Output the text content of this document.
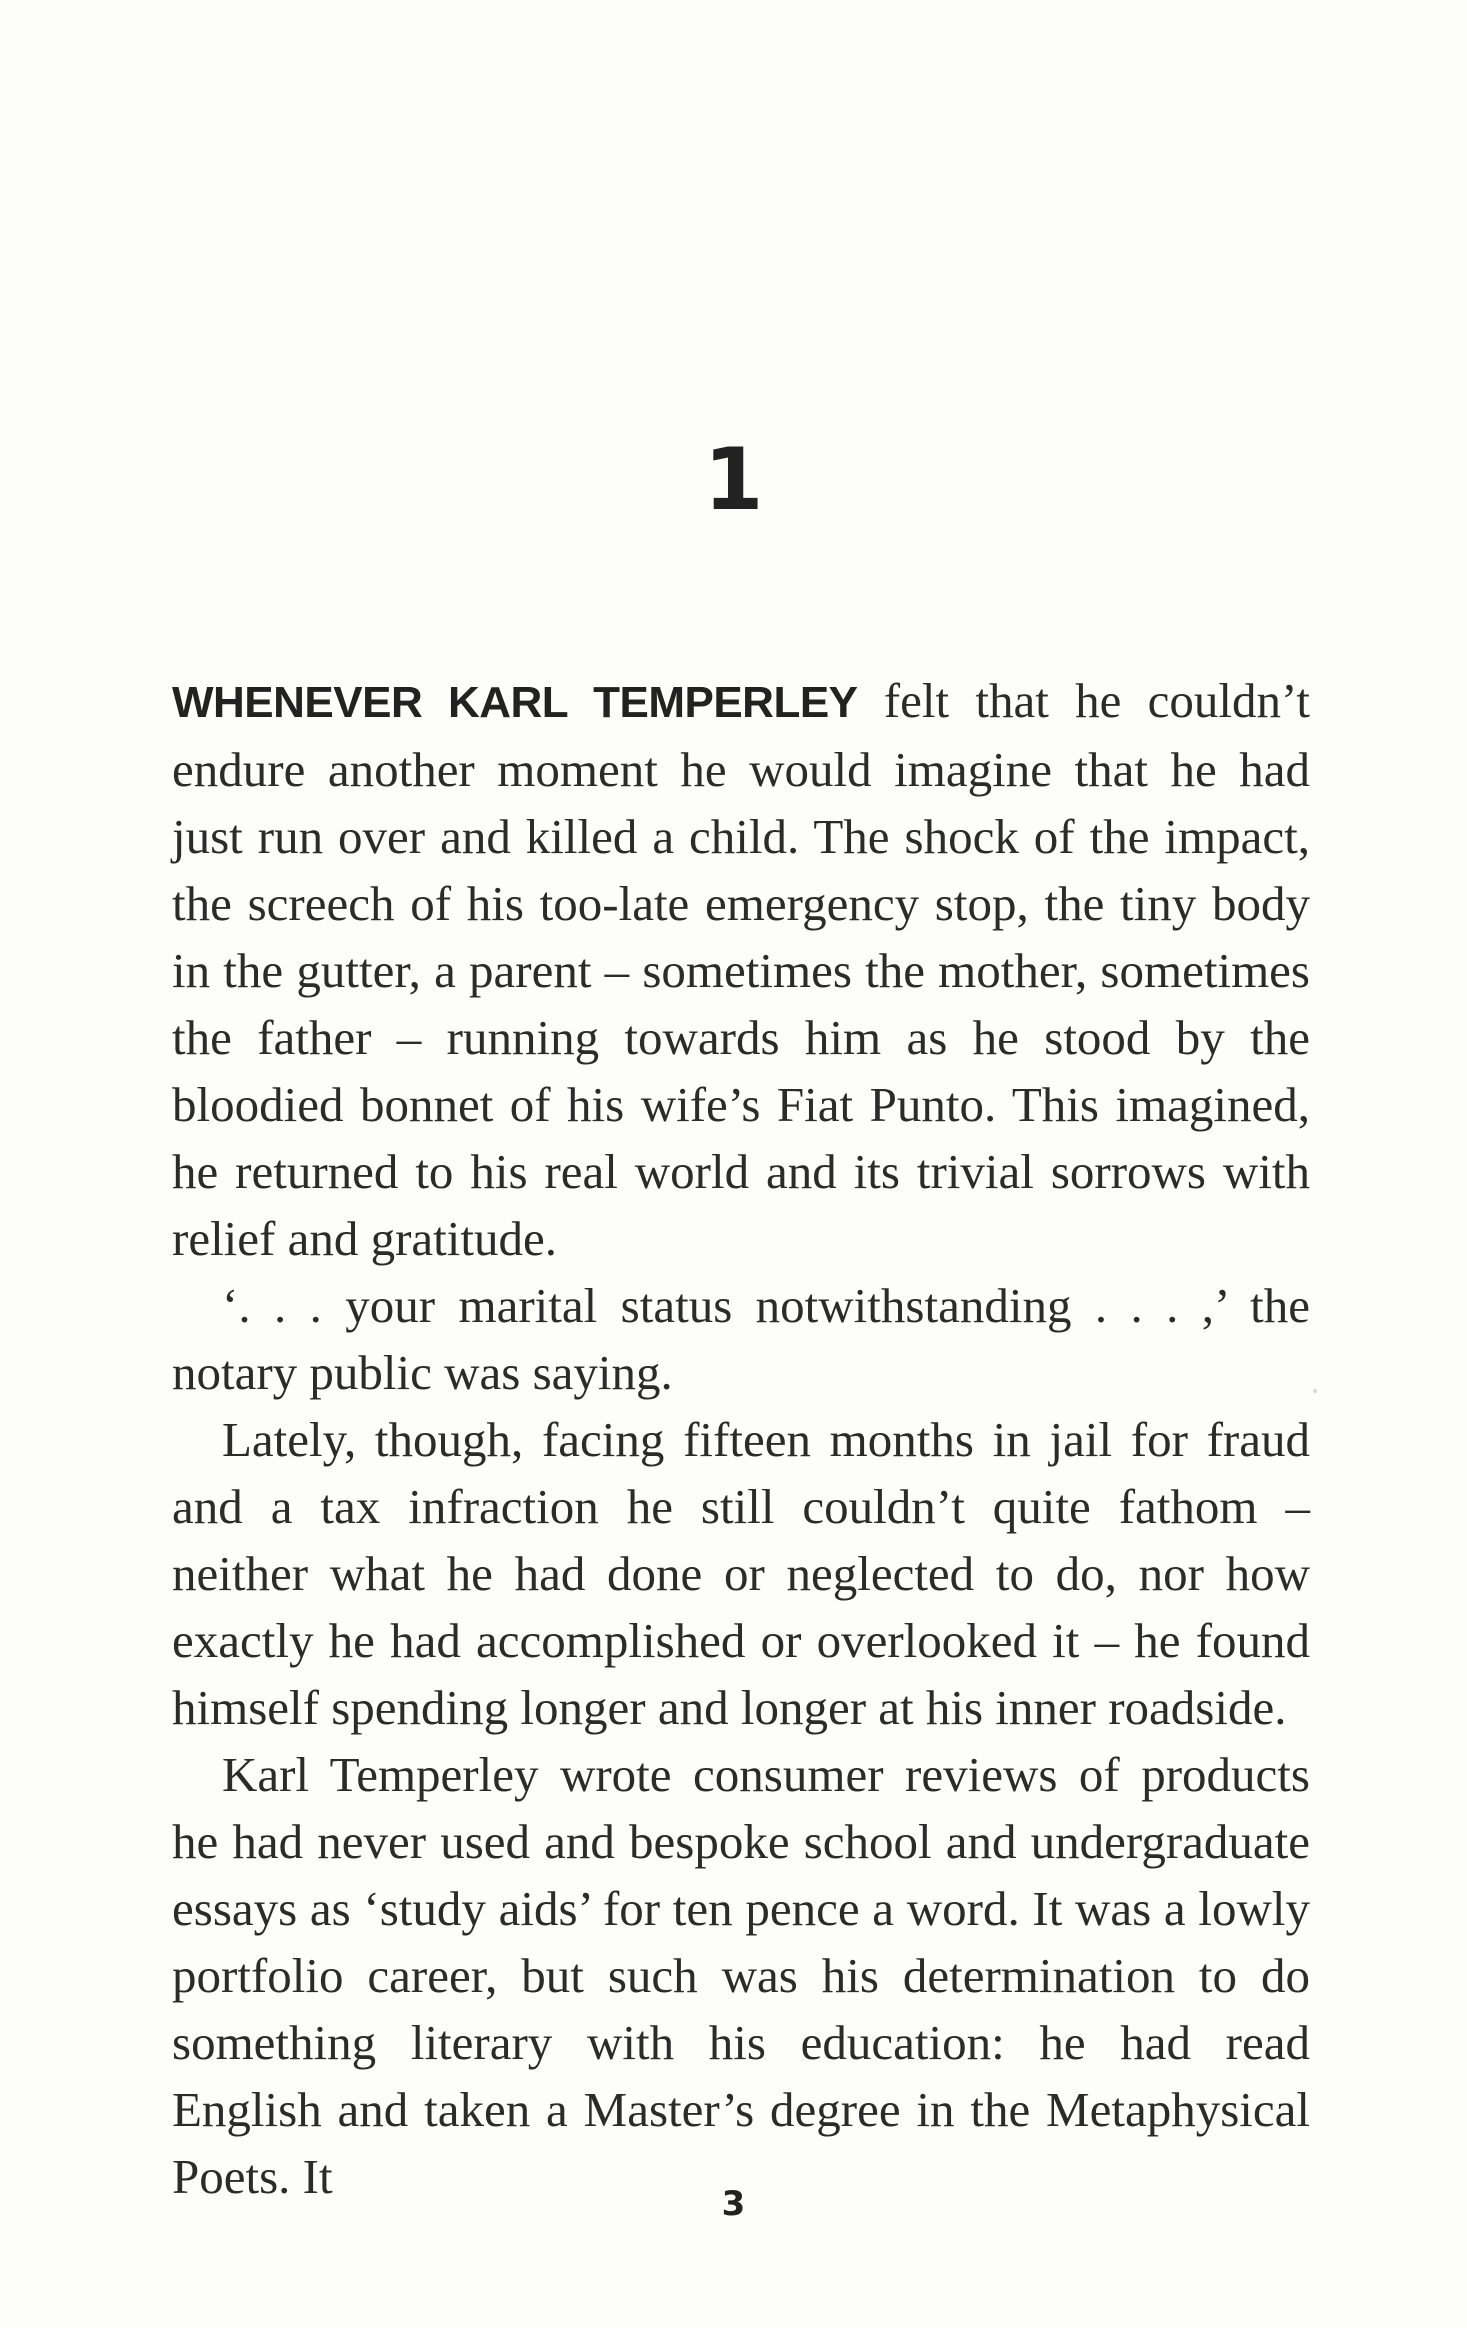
1

WHENEVER KARL TEMPERLEY felt that he couldn’t endure another moment he would imagine that he had just run over and killed a child. The shock of the impact, the screech of his too-late emergency stop, the tiny body in the gutter, a parent – sometimes the mother, sometimes the father – running towards him as he stood by the bloodied bonnet of his wife’s Fiat Punto. This imagined, he returned to his real world and its trivial sorrows with relief and gratitude.

‘. . . your marital status notwithstanding . . . ,’ the notary public was saying.

Lately, though, facing fifteen months in jail for fraud and a tax infraction he still couldn’t quite fathom – neither what he had done or neglected to do, nor how exactly he had accomplished or overlooked it – he found himself spending longer and longer at his inner roadside.

Karl Temperley wrote consumer reviews of products he had never used and bespoke school and undergraduate essays as ‘study aids’ for ten pence a word. It was a lowly portfolio career, but such was his determination to do something literary with his education: he had read English and taken a Master’s degree in the Metaphysical Poets. It	3
